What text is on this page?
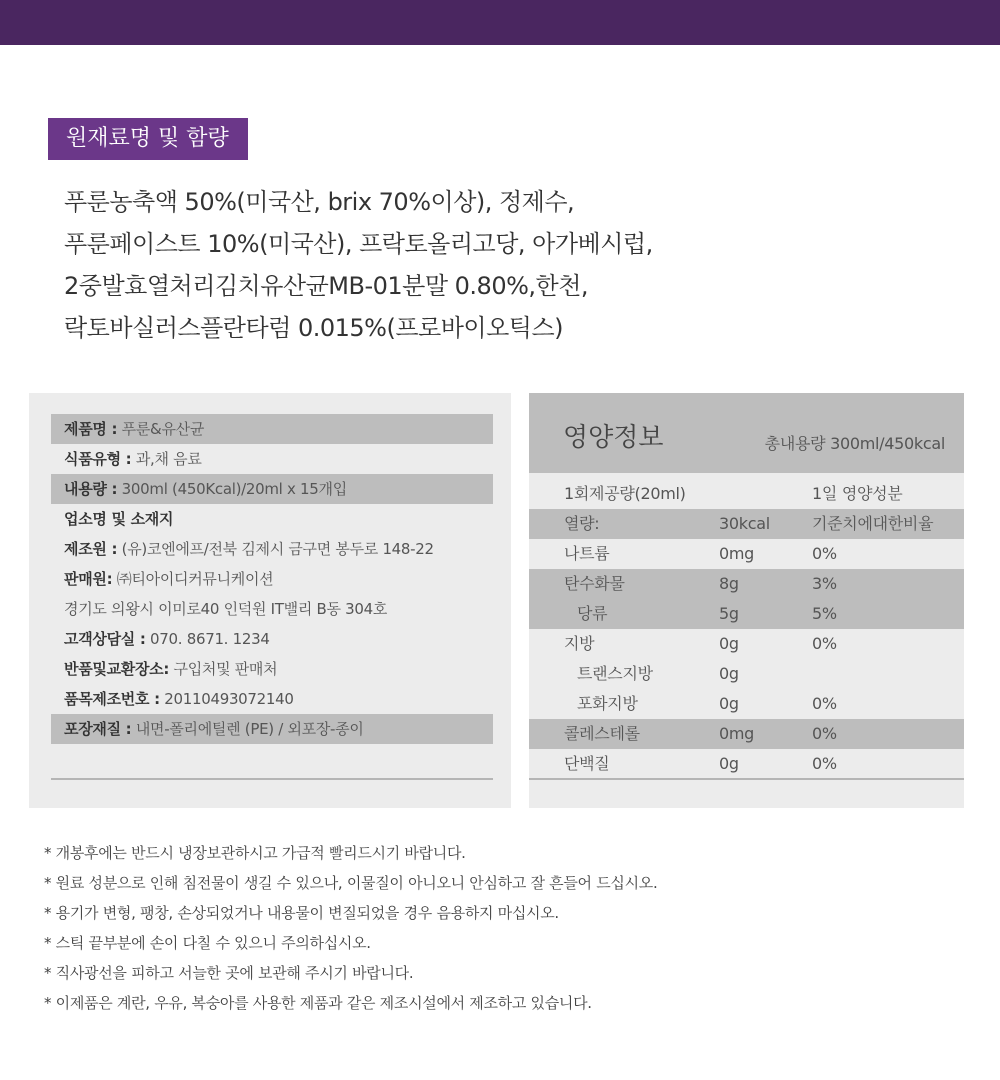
원재료명 및 함량
푸룬농축액 50%(미국산, brix 70%이상), 정제수,
푸룬페이스트 10%(미국산), 프락토올리고당, 아가베시럽,
2중발효열처리김치유산균MB-01분말 0.80%,한천,
락토바실러스플란타럼 0.015%(프로바이오틱스)
제품명 : 푸룬&유산균
식품유형 : 과,채 음료
내용량 : 300ml (450Kcal)/20ml x 15개입
업소명 및 소재지
제조원 : (유)코엔에프/전북 김제시 금구면 봉두로 148-22
판매원: ㈜티아이디커뮤니케이션
경기도 의왕시 이미로40 인덕원 IT밸리 B동 304호
고객상담실 : 070. 8671. 1234
반품및교환장소: 구입처및 판매처
품목제조번호 : 20110493072140
포장재질 : 내면-폴리에틸렌 (PE) / 외포장-종이
영양정보	총내용량 300ml/450kcal
1회제공량(20ml)	1일 영양성분
열량:	30kcal	기준치에대한비율
나트륨	0mg	0%
탄수화물	8g	3%
당류	5g	5%
지방	0g	0%
트랜스지방	0g
포화지방	0g	0%
콜레스테롤	0mg	0%
단백질	0g	0%
* 개봉후에는 반드시 냉장보관하시고 가급적 빨리드시기 바랍니다.
* 원료 성분으로 인해 침전물이 생길 수 있으나, 이물질이 아니오니 안심하고 잘 흔들어 드십시오.
* 용기가 변형, 팽창, 손상되었거나 내용물이 변질되었을 경우 음용하지 마십시오.
* 스틱 끝부분에 손이 다칠 수 있으니 주의하십시오.
* 직사광선을 피하고 서늘한 곳에 보관해 주시기 바랍니다.
* 이제품은 계란, 우유, 복숭아를 사용한 제품과 같은 제조시설에서 제조하고 있습니다.
